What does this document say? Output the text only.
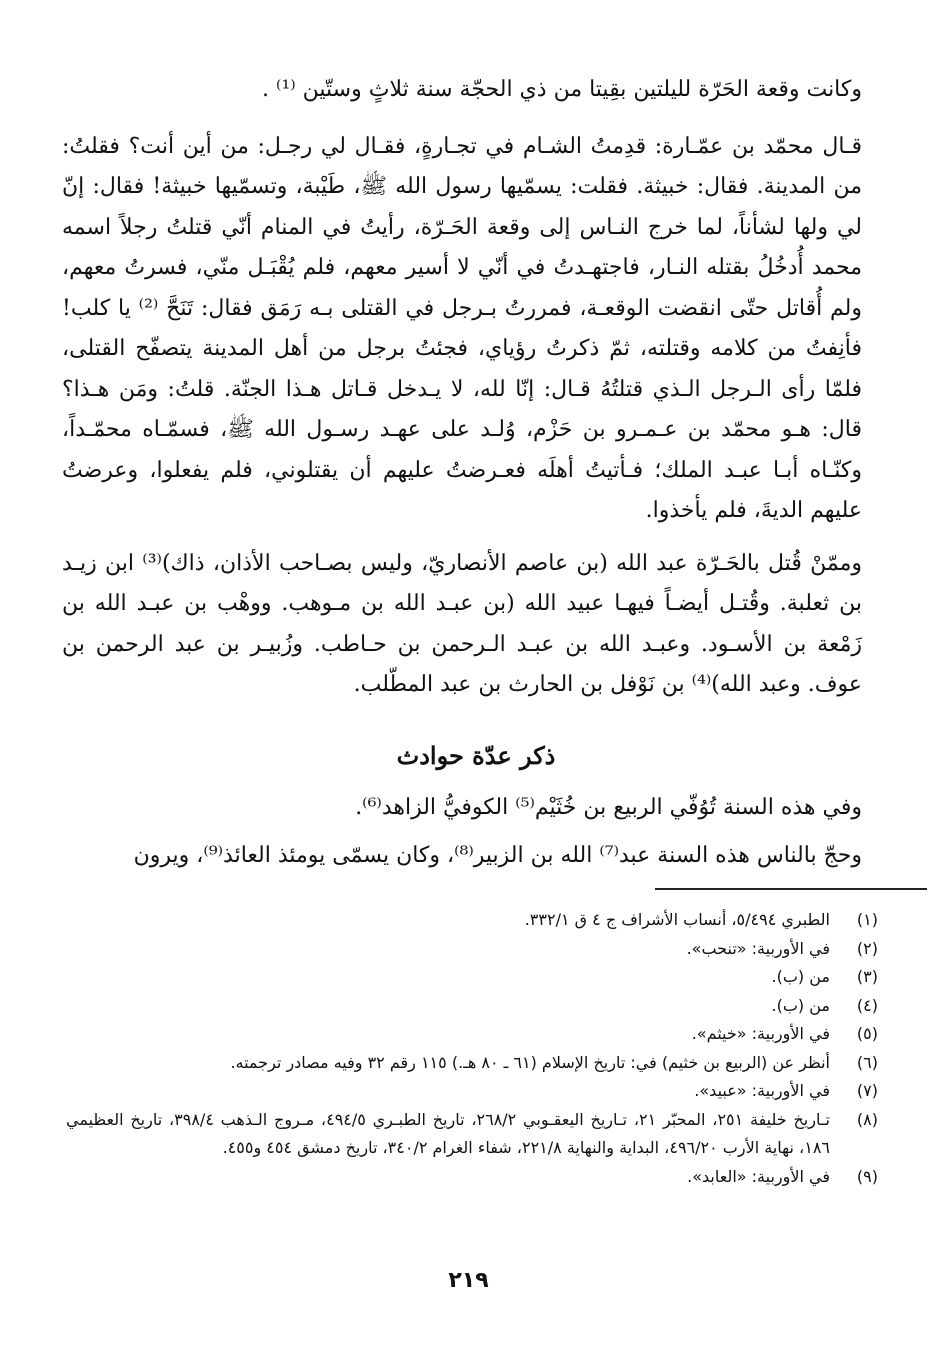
وكانت وقعة الحَرّة لليلتين بقِيتا من ذي الحجّة سنة ثلاثٍ وستّين ⁽¹⁾ .

قـال محمّد بن عمّـارة: قدِمتُ الشـام في تجـارةٍ، فقـال لي رجـل: من أين أنت؟ فقلتُ: من المدينة. فقال: خبيثة. فقلت: يسمّيها رسول الله ﷺ، طَيْبة، وتسمّيها خبيثة! فقال: إنّ لي ولها لشأناً، لما خرج النـاس إلى وقعة الحَـرّة، رأيتُ في المنام أنّي قتلتُ رجلاً اسمه محمد أُدخُلُ بقتله النـار، فاجتهـدتُ في أنّي لا أسير معهم، فلم يُقْبَـل منّي، فسرتُ معهم، ولم أُقاتل حتّى انقضت الوقعـة، فمررتُ بـرجل في القتلى بـه رَمَق فقال: تَنَحَّ ⁽²⁾ يا كلب! فأنِفتُ من كلامه وقتلته، ثمّ ذكرتُ رؤياي، فجئتُ برجل من أهل المدينة يتصفّح القتلى، فلمّا رأى الـرجل الـذي قتلتُهُ قـال: إنّا لله، لا يـدخل قـاتل هـذا الجنّة. قلتُ: ومَن هـذا؟ قال: هـو محمّد بن عـمـرو بن حَزْم، وُلـد على عهـد رسـول الله ﷺ، فسمّـاه محمّـداً، وكنّـاه أبـا عبـد الملك؛ فـأتيتُ أهلَه فعـرضتُ عليهم أن يقتلوني، فلم يفعلوا، وعرضتُ عليهم الديةَ، فلم يأخذوا.

وممّنْ قُتل بالحَـرّة عبد الله (بن عاصم الأنصاريّ، وليس بصـاحب الأذان، ذاك)⁽³⁾ ابن زيـد بن ثعلبة. وقُتـل أيضـاً فيهـا عبيد الله (بن عبـد الله بن مـوهب. ووهْب بن عبـد الله بن زَمْعة بن الأسـود. وعبـد الله بن عبـد الـرحمن بن حـاطب. وزُبيـر بن عبد الرحمن بن عوف. وعبد الله)⁽⁴⁾ بن نَوْفل بن الحارث بن عبد المطّلب.

ذكر عدّة حوادث

وفي هذه السنة تُوُفّي الربيع بن خُثَيْم⁽⁵⁾ الكوفيُّ الزاهد⁽⁶⁾.

وحجّ بالناس هذه السنة عبد⁽⁷⁾ الله بن الزبير⁽⁸⁾، وكان يسمّى يومئذ العائذ⁽⁹⁾، ويرون

(١)
الطبري ٥/٤٩٤، أنساب الأشراف ج ٤ ق ٣٣٢/١.
(٢)
في الأوربية: «تنحب».
(٣)
من (ب).
(٤)
من (ب).
(٥)
في الأوربية: «خيثم».
(٦)
أنظر عن (الربيع بن خثيم) في: تاريخ الإسلام (٦١ ـ ٨٠ هـ.) ١١٥ رقم ٣٢ وفيه مصادر ترجمته.
(٧)
في الأوربية: «عبيد».
(٨)
تـاريخ خليفة ٢٥١، المحبّر ٢١، تـاريخ اليعقـوبي ٢٦٨/٢، تاريخ الطبـري ٤٩٤/٥، مـروج الـذهب ٣٩٨/٤، تاريخ العظيمي ١٨٦، نهاية الأرب ٤٩٦/٢٠، البداية والنهاية ٢٢١/٨، شفاء الغرام ٣٤٠/٢، تاريخ دمشق ٤٥٤ و٤٥٥.
(٩)
في الأوربية: «العابد».
٢١٩
